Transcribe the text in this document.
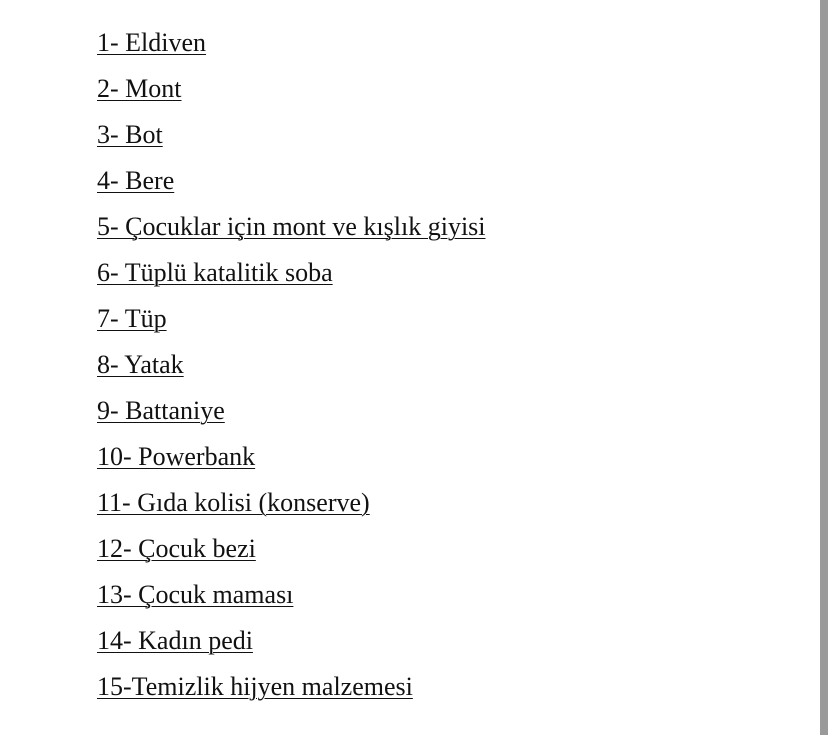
1- Eldiven
2- Mont
3- Bot
4- Bere
5- Çocuklar için mont ve kışlık giyisi
6- Tüplü katalitik soba
7- Tüp
8- Yatak
9- Battaniye
10- Powerbank
11- Gıda kolisi (konserve)
12- Çocuk bezi
13- Çocuk maması
14- Kadın pedi
15-Temizlik hijyen malzemesi
